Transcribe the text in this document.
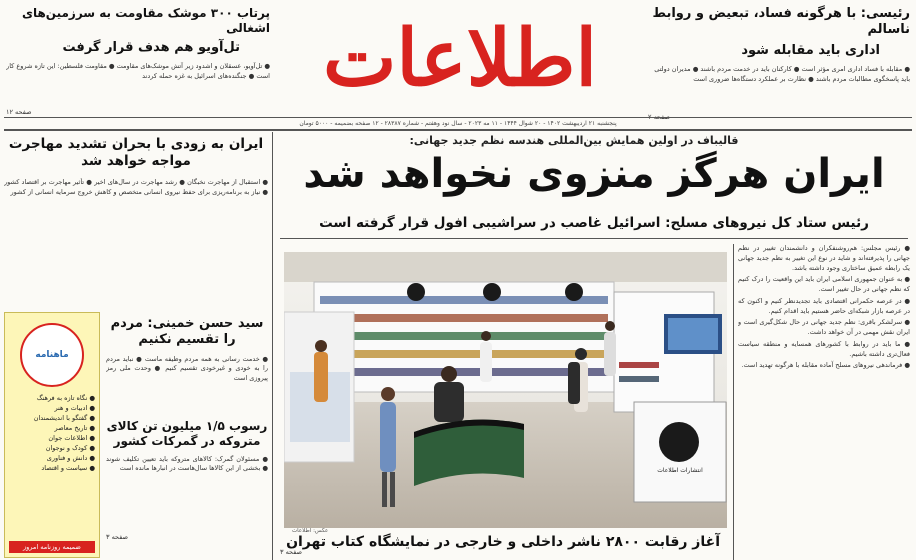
رئیسی: با هرگونه فساد، تبعیض و روابط ناسالم
اداری باید مقابله شود
● مقابله با فساد اداری امری مؤثر است ● کارکنان باید در خدمت مردم باشند ● مدیران دولتی باید پاسخگوی مطالبات مردم باشند ● نظارت بر عملکرد دستگاه‌ها ضروری است
اطلاعات
پرتاب ۳۰۰ موشک مقاومت به سرزمین‌های اشغالی
تل‌آویو هم هدف قرار گرفت
● تل‌آویو، عسقلان و اشدود زیر آتش موشک‌های مقاومت ● مقاومت فلسطین: این تازه شروع کار است ● جنگنده‌های اسرائیل به غزه حمله کردند
صفحه ۱۲
پنجشنبه ۲۱ اردیبهشت ۱۴۰۲ - ۲۰ شوال ۱۴۴۴ - ۱۱ مه ۲۰۲۳ - سال نود وهفتم - شماره ۲۸۳۸۷ - ۱۲ صفحه بضمیمه - ۵۰۰۰ تومان
قالیباف در اولین همایش بین‌المللی هندسه نظم جدید جهانی:
ایران هرگز منزوی نخواهد شد
رئیس ستاد کل نیروهای مسلح: اسرائیل غاصب در سراشیبی افول قرار گرفته است
انتشارات اطلاعات
عکس: اطلاعات
آغاز رقابت ۲۸۰۰ ناشر داخلی و خارجی در نمایشگاه کتاب تهران
صفحه ۳

● رئیس مجلس: هم‌روشنفکران و دانشمندان تغییر در نظم جهانی را پذیرفته‌اند و شاید در نوع این تغییر به نظم جدید جهانی یک رابطه عمیق ساختاری وجود داشته باشد.

● به عنوان جمهوری اسلامی ایران باید این واقعیت را درک کنیم که نظم جهانی در حال تغییر است.

● در عرصه حکمرانی اقتصادی باید تجدیدنظر کنیم و اکنون که در عرصه بازار شبکه‌ای حاضر هستیم باید اقدام کنیم.

● سرلشکر باقری: نظم جدید جهانی در حال شکل‌گیری است و ایران نقش مهمی در آن خواهد داشت.

● ما باید در روابط با کشورهای همسایه و منطقه سیاست فعال‌تری داشته باشیم.

● فرماندهی نیروهای مسلح آماده مقابله با هرگونه تهدید است.

ایران به زودی با بحران تشدید مهاجرت مواجه خواهد شد
● استقبال از مهاجرت نخبگان ● رشد مهاجرت در سال‌های اخیر ● تأثیر مهاجرت بر اقتصاد کشور ● نیاز به برنامه‌ریزی برای حفظ نیروی انسانی متخصص و کاهش خروج سرمایه انسانی از کشور
ماهنامه
● نگاه تازه به فرهنگ
● ادبیات و هنر
● گفتگو با اندیشمندان
● تاریخ معاصر
● اطلاعات جوان
● کودک و نوجوان
● دانش و فناوری
● سیاست و اقتصاد
ضمیمه روزنامه امروز
سید حسن خمینی: مردم را تقسیم نکنیم
● خدمت رسانی به همه مردم وظیفه ماست ● نباید مردم را به خودی و غیرخودی تقسیم کنیم ● وحدت ملی رمز پیروزی است
رسوب ۱/۵ میلیون تن کالای متروکه در گمرکات کشور
● مسئولان گمرک: کالاهای متروکه باید تعیین تکلیف شوند ● بخشی از این کالاها سال‌هاست در انبارها مانده است
صفحه ۳
